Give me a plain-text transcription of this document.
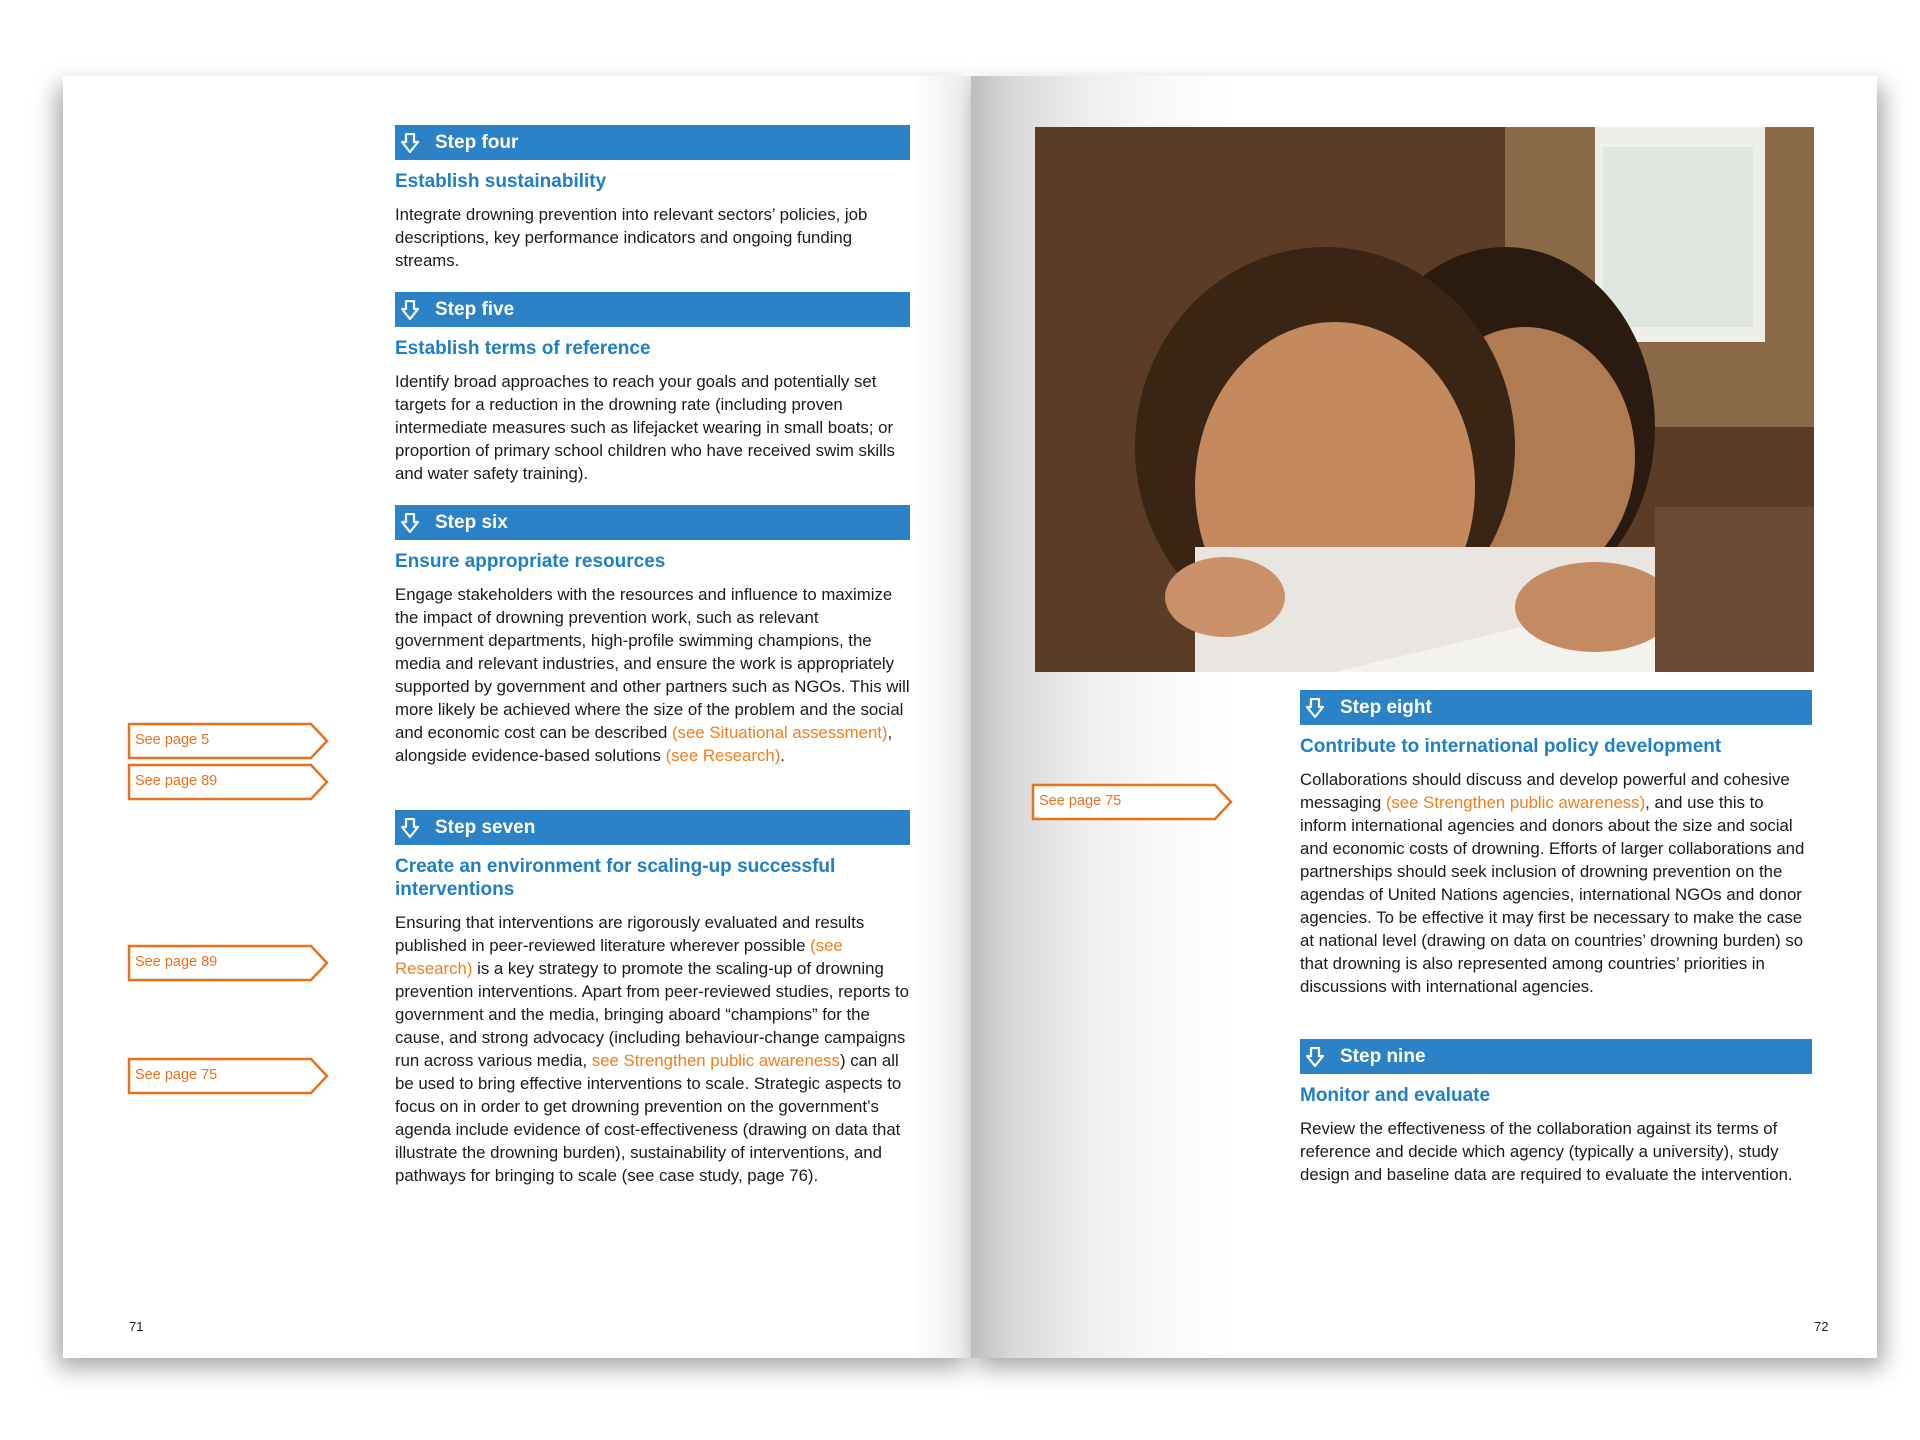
71	72
Step four
Establish sustainability
Integrate drowning prevention into relevant sectors’ policies, job descriptions, key performance indicators and ongoing funding streams.
Step five
Establish terms of reference
Identify broad approaches to reach your goals and potentially set targets for a reduction in the drowning rate (including proven intermediate measures such as lifejacket wearing in small boats; or proportion of primary school children who have received swim skills and water safety training).
Step six
Ensure appropriate resources
Engage stakeholders with the resources and influence to maximize the impact of drowning prevention work, such as relevant government departments, high-profile swimming champions, the media and relevant industries, and ensure the work is appropriately supported by government and other partners such as NGOs. This will more likely be achieved where the size of the problem and the social and economic cost can be described (see Situational assessment), alongside evidence-based solutions (see Research).
Step seven
Create an environment for scaling-up successful interventions
Ensuring that interventions are rigorously evaluated and results published in peer-reviewed literature wherever possible (see Research) is a key strategy to promote the scaling-up of drowning prevention interventions. Apart from peer-reviewed studies, reports to government and the media, bringing aboard “champions” for the cause, and strong advocacy (including behaviour-change campaigns run across various media, see Strengthen public awareness) can all be used to bring effective interventions to scale. Strategic aspects to focus on in order to get drowning prevention on the government’s agenda include evidence of cost-effectiveness (drawing on data that illustrate the drowning burden), sustainability of interventions, and pathways for bringing to scale (see case study, page 76).
Step eight
Contribute to international policy development
Collaborations should discuss and develop powerful and cohesive messaging (see Strengthen public awareness), and use this to inform international agencies and donors about the size and social and economic costs of drowning. Efforts of larger collaborations and partnerships should seek inclusion of drowning prevention on the agendas of United Nations agencies, international NGOs and donor agencies. To be effective it may first be necessary to make the case at national level (drawing on data on countries’ drowning burden) so that drowning is also represented among countries’ priorities in discussions with international agencies.
Step nine
Monitor and evaluate
Review the effectiveness of the collaboration against its terms of reference and decide which agency (typically a university), study design and baseline data are required to evaluate the intervention.
See page 5
See page 89
See page 89
See page 75
See page 75
